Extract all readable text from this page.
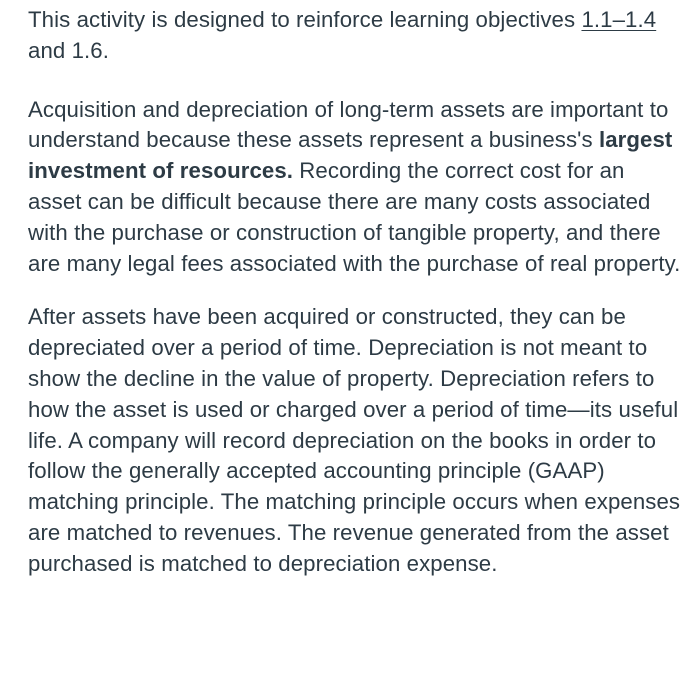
This activity is designed to reinforce learning objectives 1.1–1.4 and 1.6.

Acquisition and depreciation of long-term assets are important to understand because these assets represent a business's largest investment of resources. Recording the correct cost for an asset can be difficult because there are many costs associated with the purchase or construction of tangible property, and there are many legal fees associated with the purchase of real property.

After assets have been acquired or constructed, they can be depreciated over a period of time. Depreciation is not meant to show the decline in the value of property. Depreciation refers to how the asset is used or charged over a period of time—its useful life. A company will record depreciation on the books in order to follow the generally accepted accounting principle (GAAP) matching principle. The matching principle occurs when expenses are matched to revenues. The revenue generated from the asset purchased is matched to depreciation expense.
